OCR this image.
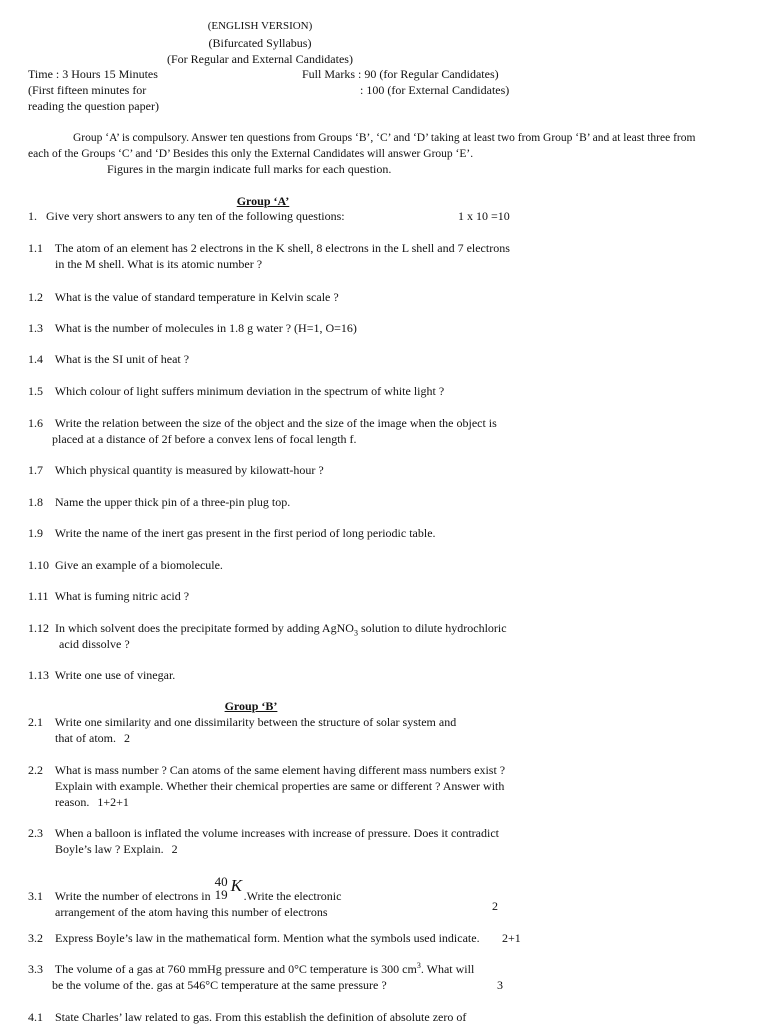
(ENGLISH VERSION)
(Bifurcated Syllabus)
(For Regular and External Candidates)
Time : 3 Hours 15 Minutes	Full Marks : 90 (for Regular Candidates)
(First fifteen minutes for	: 100 (for External Candidates)
reading the question paper)
Group ‘A’ is compulsory. Answer ten questions from Groups ‘B’, ‘C’ and ‘D’ taking at least two from Group ‘B’ and at least three from
each of the Groups ‘C’ and ‘D’ Besides this only the External Candidates will answer Group ‘E’.
Figures in the margin indicate full marks for each question.
Group ‘A’
1. Give very short answers to any ten of the following questions:	1 x 10 =10
1.1 The atom of an element has 2 electrons in the K shell, 8 electrons in the L shell and 7 electrons
in the M shell. What is its atomic number ?
1.2 What is the value of standard temperature in Kelvin scale ?
1.3 What is the number of molecules in 1.8 g water ? (H=1, O=16)
1.4 What is the SI unit of heat ?
1.5 Which colour of light suffers minimum deviation in the spectrum of white light ?
1.6 Write the relation between the size of the object and the size of the image when the object is
placed at a distance of 2f before a convex lens of focal length f.
1.7 Which physical quantity is measured by kilowatt-hour ?
1.8 Name the upper thick pin of a three-pin plug top.
1.9 Write the name of the inert gas present in the first period of long periodic table.
1.10 Give an example of a biomolecule.
1.11 What is fuming nitric acid ?
1.12 In which solvent does the precipitate formed by adding AgNO$_3$ solution to dilute hydrochloric
acid dissolve ?
1.13 Write one use of vinegar.
Group ‘B’
2.1 Write one similarity and one dissimilarity between the structure of solar system and
that of atom. 2
2.2 What is mass number ? Can atoms of the same element having different mass numbers exist ?
Explain with example. Whether their chemical properties are same or different ? Answer with
reason. 1+2+1
2.3 When a balloon is inflated the volume increases with increase of pressure. Does it contradict
Boyle’s law ? Explain. 2
3.1 Write the number of electrons in
40
19 K
.Write the electronic
arrangement of the atom having this number of electrons	2
3.2 Express Boyle’s law in the mathematical form. Mention what the symbols used indicate. 2+1
3.3 The volume of a gas at 760 mmHg pressure and 0°C temperature is 300 $cm^3$. What will
be the volume of the. gas at 546°C temperature at the same pressure ?	3
4.1 State Charles’ law related to gas. From this establish the definition of absolute zero of
